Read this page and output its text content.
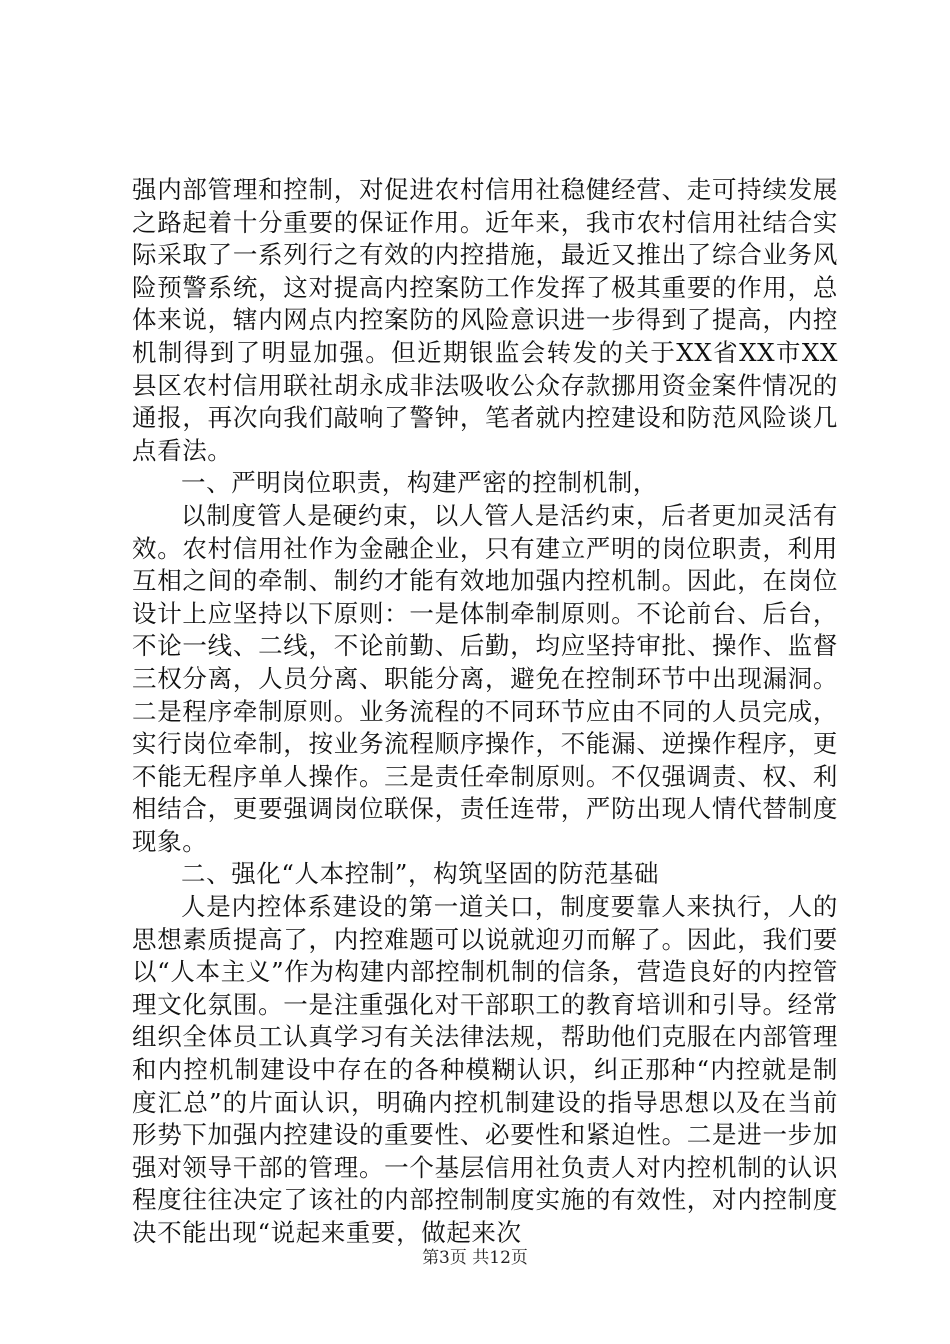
强内部管理和控制，对促进农村信用社稳健经营、走可持续发展之路起着十分重要的保证作用。近年来，我市农村信用社结合实际采取了一系列行之有效的内控措施，最近又推出了综合业务风险预警系统，这对提高内控案防工作发挥了极其重要的作用，总体来说，辖内网点内控案防的风险意识进一步得到了提高，内控机制得到了明显加强。但近期银监会转发的关于XX省XX市XX县区农村信用联社胡永成非法吸收公众存款挪用资金案件情况的通报，再次向我们敲响了警钟，笔者就内控建设和防范风险谈几点看法。

一、严明岗位职责，构建严密的控制机制，

以制度管人是硬约束，以人管人是活约束，后者更加灵活有效。农村信用社作为金融企业，只有建立严明的岗位职责，利用互相之间的牵制、制约才能有效地加强内控机制。因此，在岗位设计上应坚持以下原则：一是体制牵制原则。不论前台、后台，不论一线、二线，不论前勤、后勤，均应坚持审批、操作、监督三权分离，人员分离、职能分离，避免在控制环节中出现漏洞。二是程序牵制原则。业务流程的不同环节应由不同的人员完成，实行岗位牵制，按业务流程顺序操作，不能漏、逆操作程序，更不能无程序单人操作。三是责任牵制原则。不仅强调责、权、利相结合，更要强调岗位联保，责任连带，严防出现人情代替制度现象。

二、强化“人本控制”，构筑坚固的防范基础

人是内控体系建设的第一道关口，制度要靠人来执行，人的思想素质提高了，内控难题可以说就迎刃而解了。因此，我们要以“人本主义”作为构建内部控制机制的信条，营造良好的内控管理文化氛围。一是注重强化对干部职工的教育培训和引导。经常组织全体员工认真学习有关法律法规，帮助他们克服在内部管理和内控机制建设中存在的各种模糊认识，纠正那种“内控就是制度汇总”的片面认识，明确内控机制建设的指导思想以及在当前形势下加强内控建设的重要性、必要性和紧迫性。二是进一步加强对领导干部的管理。一个基层信用社负责人对内控机制的认识程度往往决定了该社的内部控制制度实施的有效性，对内控制度决不能出现“说起来重要，做起来次

第3页 共12页
